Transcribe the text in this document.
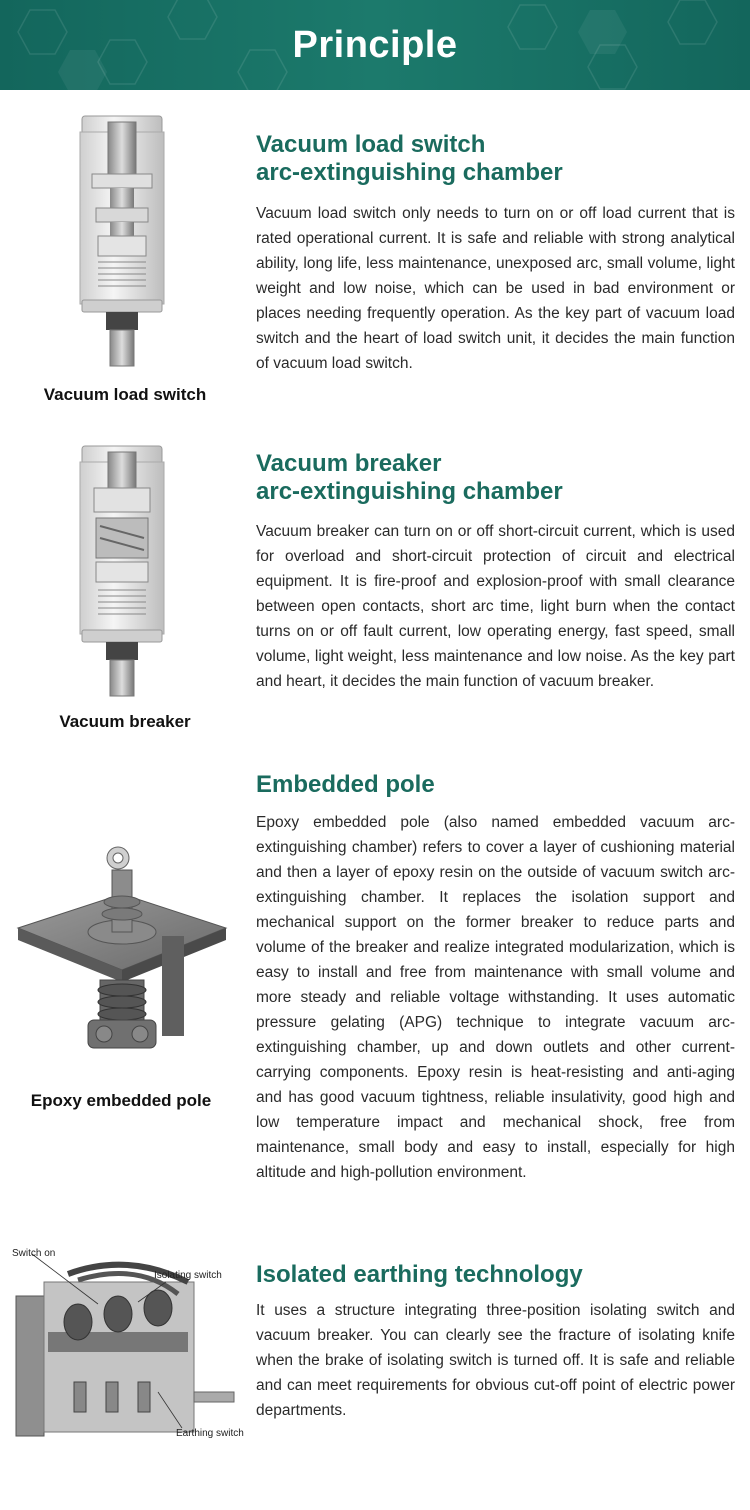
Principle
Vacuum load switch
Vacuum load switch
arc-extinguishing chamber

Vacuum load switch only needs to turn on or off load current that is rated operational current. It is safe and reliable with strong analytical ability, long life, less maintenance, unexposed arc, small volume, light weight and low noise, which can be used in bad environment or places needing frequently operation. As the key part of vacuum load switch and the heart of load switch unit, it decides the main function of vacuum load switch.

Vacuum breaker
Vacuum breaker
arc-extinguishing chamber

Vacuum breaker can turn on or off short-circuit current, which is used for overload and short-circuit protection of circuit and electrical equipment. It is fire-proof and explosion-proof with small clearance between open contacts, short arc time, light burn when the contact turns on or off fault current, low operating energy, fast speed, small volume, light weight, less maintenance and low noise. As the key part and heart, it decides the main function of vacuum breaker.

Epoxy embedded pole
Embedded pole

Epoxy embedded pole (also named embedded vacuum arc-extinguishing chamber) refers to cover a layer of cushioning material and then a layer of epoxy resin on the outside of vacuum switch arc-extinguishing chamber. It replaces the isolation support and mechanical support on the former breaker to reduce parts and volume of the breaker and realize integrated modularization, which is easy to install and free from maintenance with small volume and more steady and reliable voltage withstanding. It uses automatic pressure gelating (APG) technique to integrate vacuum arc-extinguishing chamber, up and down outlets and other current-carrying components. Epoxy resin is heat-resisting and anti-aging and has good vacuum tightness, reliable insulativity, good high and low temperature impact and mechanical shock, free from maintenance, small body and easy to install, especially for high altitude and high-pollution environment.

Switch on
Isolating switch
Earthing switch
Isolated earthing technology

It uses a structure integrating three-position isolating switch and vacuum breaker. You can clearly see the fracture of isolating knife when the brake of isolating switch is turned off. It is safe and reliable and can meet requirements for obvious cut-off point of electric power departments.
